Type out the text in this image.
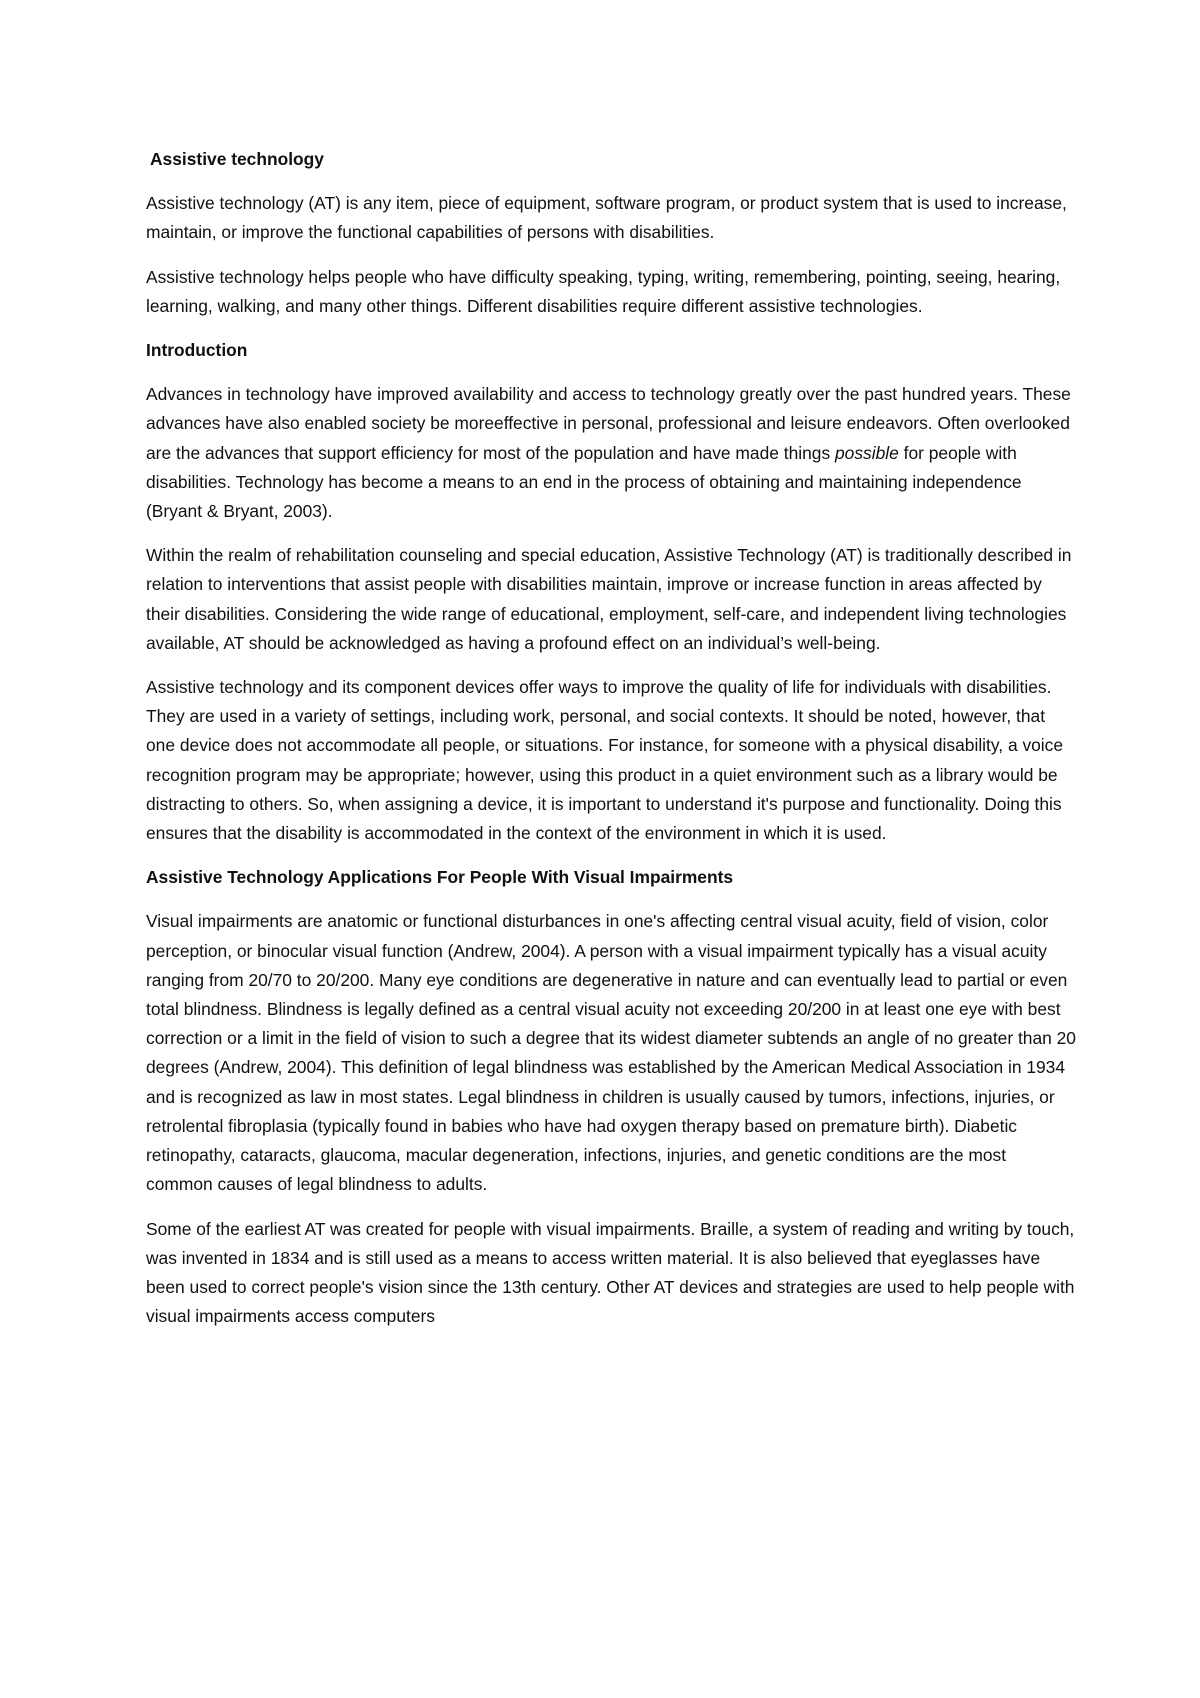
Assistive technology

Assistive technology (AT) is any item, piece of equipment, software program, or product system that is used to increase, maintain, or improve the functional capabilities of persons with disabilities.

Assistive technology helps people who have difficulty speaking, typing, writing, remembering, pointing, seeing, hearing, learning, walking, and many other things. Different disabilities require different assistive technologies.

Introduction

Advances in technology have improved availability and access to technology greatly over the past hundred years. These advances have also enabled society be moreeffective in personal, professional and leisure endeavors. Often overlooked are the advances that support efficiency for most of the population and have made things possible for people with disabilities. Technology has become a means to an end in the process of obtaining and maintaining independence (Bryant & Bryant, 2003).

Within the realm of rehabilitation counseling and special education, Assistive Technology (AT) is traditionally described in relation to interventions that assist people with disabilities maintain, improve or increase function in areas affected by their disabilities. Considering the wide range of educational, employment, self-care, and independent living technologies available, AT should be acknowledged as having a profound effect on an individual’s well-being.

Assistive technology and its component devices offer ways to improve the quality of life for individuals with disabilities. They are used in a variety of settings, including work, personal, and social contexts. It should be noted, however, that one device does not accommodate all people, or situations. For instance, for someone with a physical disability, a voice recognition program may be appropriate; however, using this product in a quiet environment such as a library would be distracting to others. So, when assigning a device, it is important to understand it's purpose and functionality. Doing this ensures that the disability is accommodated in the context of the environment in which it is used.

Assistive Technology Applications For People With Visual Impairments

Visual impairments are anatomic or functional disturbances in one's affecting central visual acuity, field of vision, color perception, or binocular visual function (Andrew, 2004). A person with a visual impairment typically has a visual acuity ranging from 20/70 to 20/200. Many eye conditions are degenerative in nature and can eventually lead to partial or even total blindness. Blindness is legally defined as a central visual acuity not exceeding 20/200 in at least one eye with best correction or a limit in the field of vision to such a degree that its widest diameter subtends an angle of no greater than 20 degrees (Andrew, 2004). This definition of legal blindness was established by the American Medical Association in 1934 and is recognized as law in most states. Legal blindness in children is usually caused by tumors, infections, injuries, or retrolental fibroplasia (typically found in babies who have had oxygen therapy based on premature birth). Diabetic retinopathy, cataracts, glaucoma, macular degeneration, infections, injuries, and genetic conditions are the most common causes of legal blindness to adults.

Some of the earliest AT was created for people with visual impairments. Braille, a system of reading and writing by touch, was invented in 1834 and is still used as a means to access written material. It is also believed that eyeglasses have been used to correct people's vision since the 13th century. Other AT devices and strategies are used to help people with visual impairments access computers
